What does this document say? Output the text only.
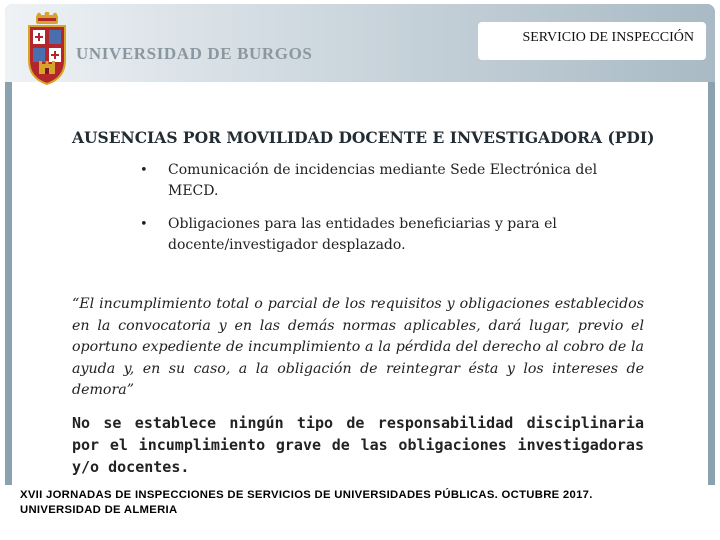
UNIVERSIDAD DE BURGOS
SERVICIO DE INSPECCIÓN
AUSENCIAS POR MOVILIDAD DOCENTE E INVESTIGADORA (PDI)
• Comunicación de incidencias mediante Sede Electrónica del MECD.
• Obligaciones para las entidades beneficiarias y para el docente/investigador desplazado.
“El incumplimiento total o parcial de los requisitos y obligaciones establecidos en la convocatoria y en las demás normas aplicables, dará lugar, previo el oportuno expediente de incumplimiento a la pérdida del derecho al cobro de la ayuda y, en su caso, a la obligación de reintegrar ésta y los intereses de demora”
No se establece ningún tipo de responsabilidad disciplinaria por el incumplimiento grave de las obligaciones investigadoras y/o docentes.
XVII JORNADAS DE INSPECCIONES DE SERVICIOS DE UNIVERSIDADES PÚBLICAS. OCTUBRE 2017.
UNIVERSIDAD DE ALMERIA
